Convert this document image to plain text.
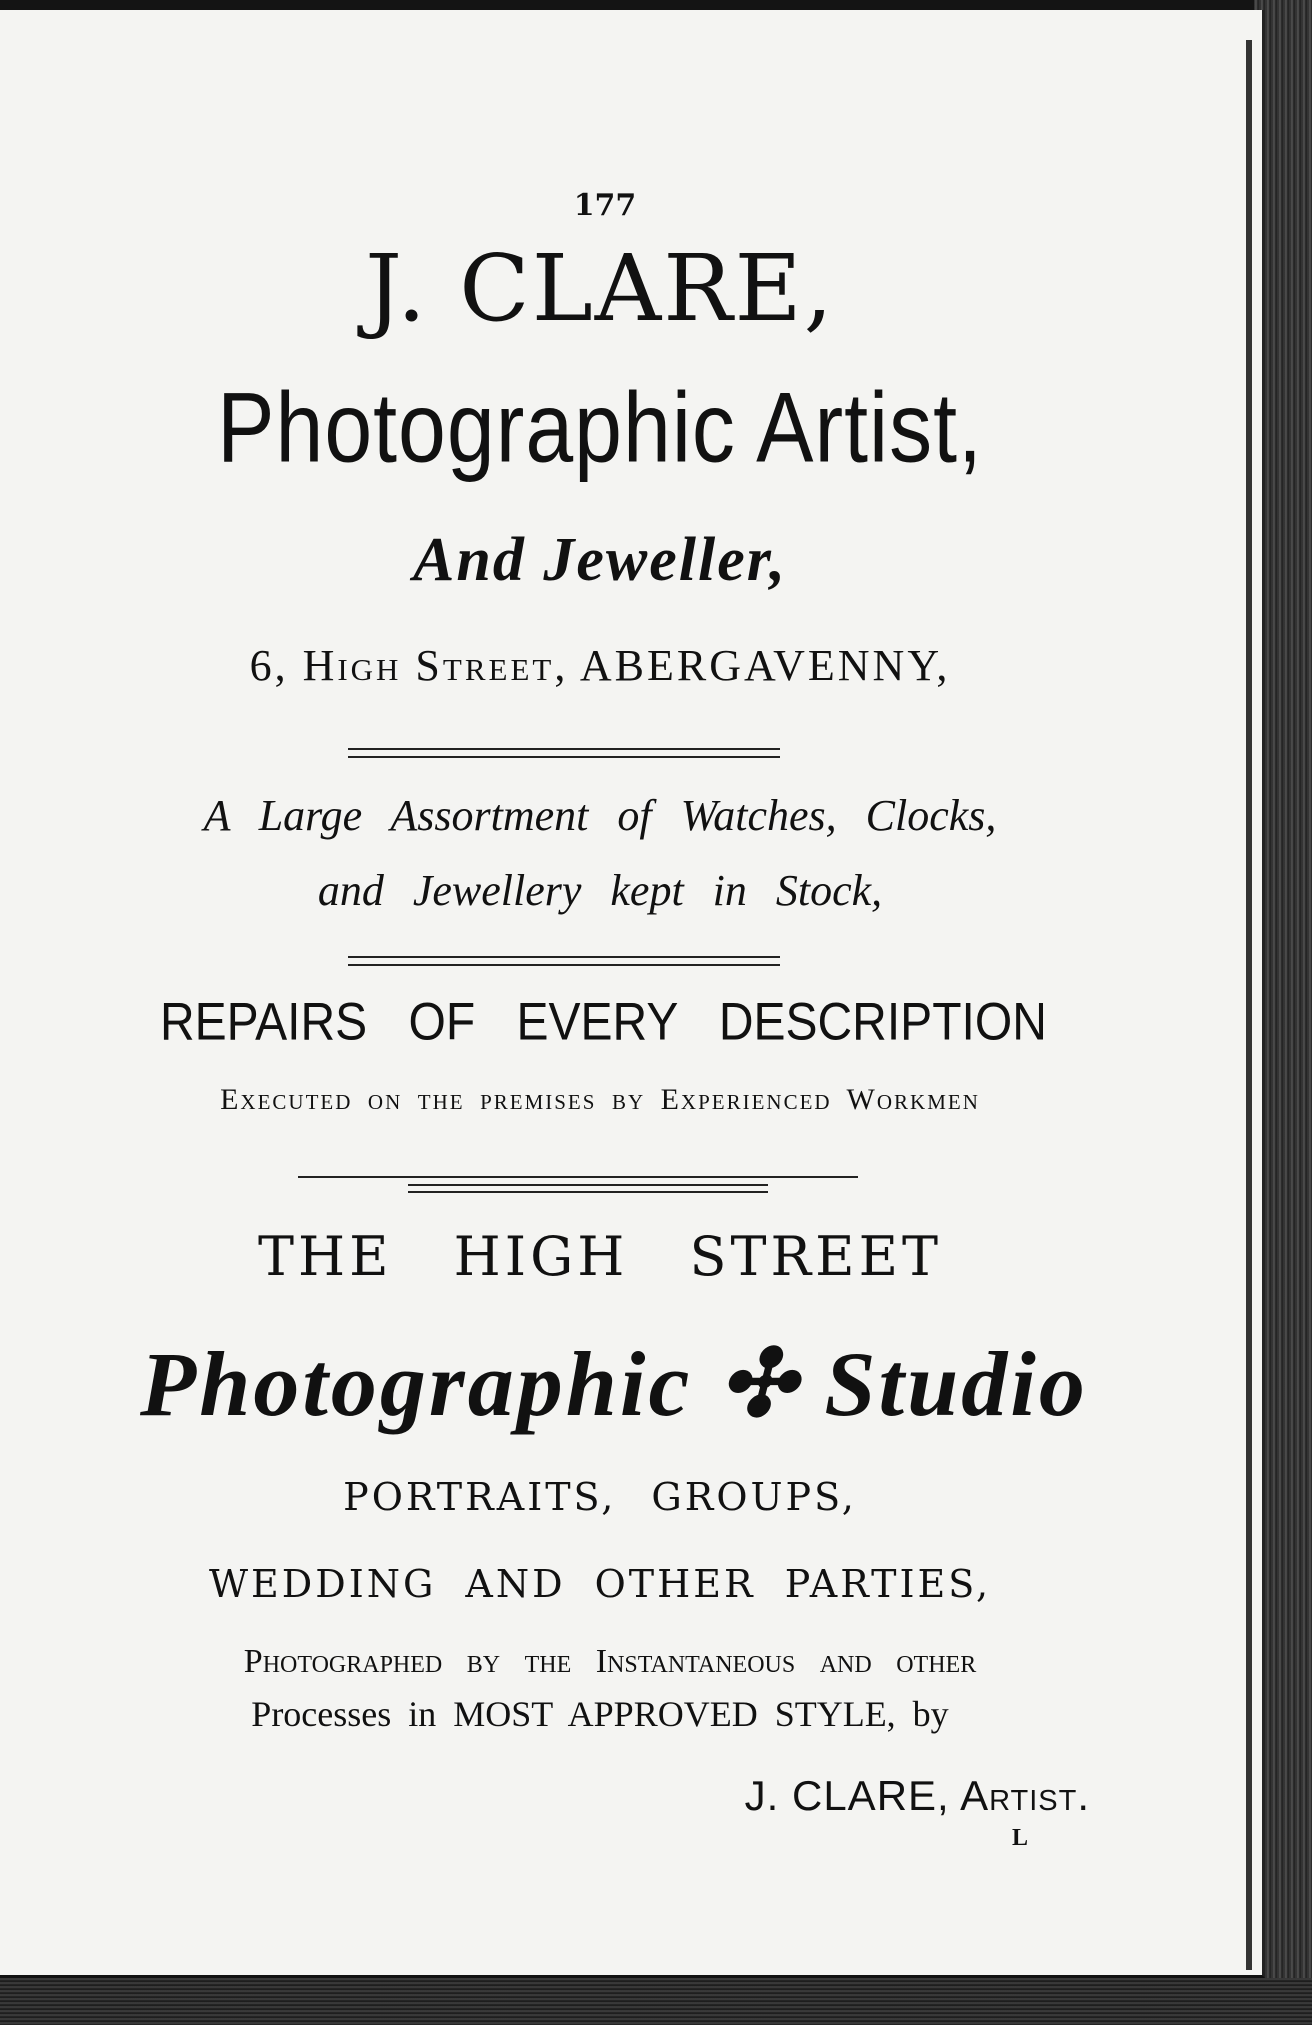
177
J. CLARE,
Photographic Artist,
And Jeweller,
6, High Street, ABERGAVENNY,
A Large Assortment of Watches, Clocks,
and Jewellery kept in Stock,
REPAIRS OF EVERY DESCRIPTION
Executed on the premises by Experienced Workmen
THE HIGH STREET
Photographic ✣ Studio
PORTRAITS, GROUPS,
WEDDING AND OTHER PARTIES,
Photographed by the Instantaneous and other
Processes in MOST APPROVED STYLE, by
J. CLARE, Artist.
L
